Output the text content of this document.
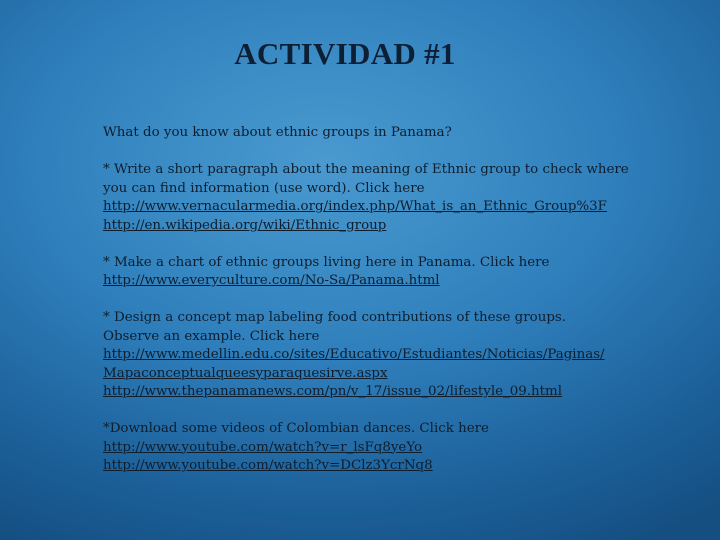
ACTIVIDAD #1
What do you know about ethnic groups in Panama?
* Write a short paragraph about the meaning of Ethnic group to check where
you can find information (use word). Click here
http://www.vernacularmedia.org/index.php/What_is_an_Ethnic_Group%3F
http://en.wikipedia.org/wiki/Ethnic_group
* Make a chart of ethnic groups living here in Panama. Click here
http://www.everyculture.com/No-Sa/Panama.html
* Design a concept map labeling food contributions of these groups.
Observe an example. Click here
http://www.medellin.edu.co/sites/Educativo/Estudiantes/Noticias/Paginas/
Mapaconceptualqueesyparaquesirve.aspx
http://www.thepanamanews.com/pn/v_17/issue_02/lifestyle_09.html
*Download some videos of Colombian dances. Click here
http://www.youtube.com/watch?v=r_lsFq8yeYo
http://www.youtube.com/watch?v=DClz3YcrNq8
